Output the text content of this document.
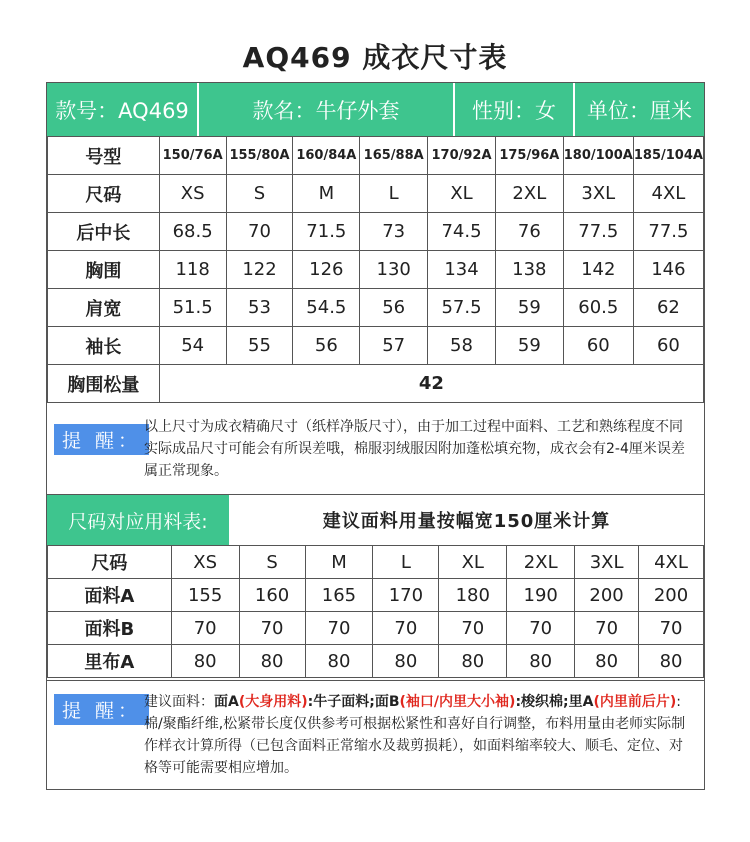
AQ469 成衣尺寸表
款号：AQ469	款名：牛仔外套	性别：女	单位：厘米
号型	150/76A	155/80A	160/84A	165/88A	170/92A	175/96A	180/100A	185/104A
尺码	XS	S	M	L	XL	2XL	3XL	4XL
后中长	68.5	70	71.5	73	74.5	76	77.5	77.5
胸围	118	122	126	130	134	138	142	146
肩宽	51.5	53	54.5	56	57.5	59	60.5	62
袖长	54	55	56	57	58	59	60	60
胸围松量	42							
提 醒：
以上尺寸为成衣精确尺寸（纸样净版尺寸），由于加工过程中面料、工艺和熟练程度不同实际成品尺寸可能会有所误差哦，棉服羽绒服因附加蓬松填充物，成衣会有2-4厘米误差属正常现象。
尺码对应用料表:	建议面料用量按幅宽150厘米计算
尺码	XS	S	M	L	XL	2XL	3XL	4XL
面料A	155	160	165	170	180	190	200	200
面料B	70	70	70	70	70	70	70	70
里布A	80	80	80	80	80	80	80	80
提 醒： 建议面料：面A(大身用料):牛子面料;面B(袖口/内里大小袖):梭织棉;里A(内里前后片):棉/聚酯纤维,松紧带长度仅供参考可根据松紧性和喜好自行调整，布料用量由老师实际制作样衣计算所得（已包含面料正常缩水及裁剪损耗），如面料缩率较大、顺毛、定位、对格等可能需要相应增加。
